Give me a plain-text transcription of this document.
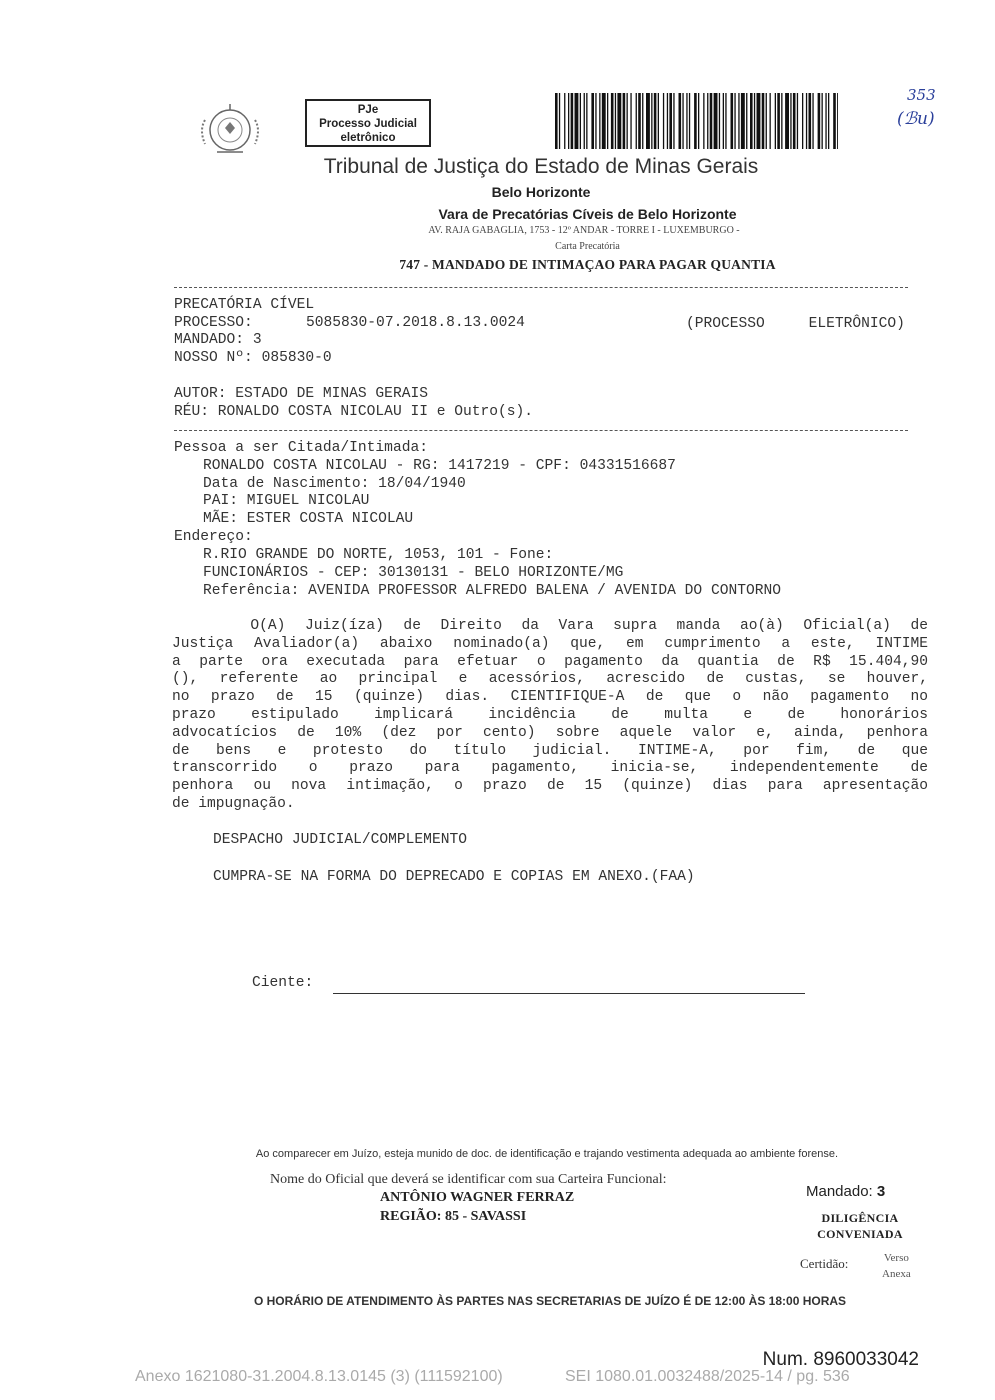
PJe
Processo Judicial
eletrônico
353
(ℬu)
Tribunal de Justiça do Estado de Minas Gerais
Belo Horizonte
Vara de Precatórias Cíveis de Belo Horizonte
AV. RAJA GABAGLIA, 1753 - 12º ANDAR - TORRE I - LUXEMBURGO -
Carta Precatória
747 - MANDADO DE INTIMAÇAO PARA PAGAR QUANTIA
PRECATÓRIA CÍVEL
PROCESSO:	5085830-07.2018.8.13.0024	(PROCESSO     ELETRÔNICO)
MANDADO: 3
NOSSO Nº: 085830-0
AUTOR: ESTADO DE MINAS GERAIS
RÉU: RONALDO COSTA NICOLAU II e Outro(s).
Pessoa a ser Citada/Intimada:
RONALDO COSTA NICOLAU - RG: 1417219 - CPF: 04331516687
Data de Nascimento: 18/04/1940
PAI: MIGUEL NICOLAU
MÃE: ESTER COSTA NICOLAU
Endereço:
R.RIO GRANDE DO NORTE, 1053, 101 - Fone:
FUNCIONÁRIOS - CEP: 30130131 - BELO HORIZONTE/MG
Referência: AVENIDA PROFESSOR ALFREDO BALENA / AVENIDA DO CONTORNO
O(A) Juiz(íza) de Direito da Vara supra manda ao(à) Oficial(a) de
Justiça Avaliador(a) abaixo nominado(a) que, em cumprimento a este, INTIME
a parte ora executada para efetuar o pagamento da quantia de R$ 15.404,90
(), referente ao principal e acessórios, acrescido de custas, se houver,
no prazo de 15 (quinze) dias. CIENTIFIQUE-A de que o não pagamento no
prazo estipulado implicará incidência de multa e de honorários
advocatícios de 10% (dez por cento) sobre aquele valor e, ainda, penhora
de bens e protesto do título judicial. INTIME-A, por fim, de que
transcorrido o prazo para pagamento, inicia-se, independentemente de
penhora ou nova intimação, o prazo de 15 (quinze) dias para apresentação
de impugnação.
DESPACHO JUDICIAL/COMPLEMENTO
CUMPRA-SE NA FORMA DO DEPRECADO E COPIAS EM ANEXO.(FAA)
Ciente:
Ao comparecer em Juízo, esteja munido de doc. de identificação e trajando vestimenta adequada ao ambiente forense.
Nome do Oficial que deverá se identificar com sua Carteira Funcional:
ANTÔNIO WAGNER FERRAZ
REGIÃO: 85 - SAVASSI
Mandado: 3
DILIGÊNCIA
CONVENIADA
Certidão:	Verso
Anexa
O HORÁRIO DE ATENDIMENTO ÀS PARTES NAS SECRETARIAS DE JUÍZO É DE 12:00 ÀS 18:00 HORAS
Num. 8960033042
Anexo 1621080-31.2004.8.13.0145 (3) (111592100)	SEI 1080.01.0032488/2025-14 / pg. 536
